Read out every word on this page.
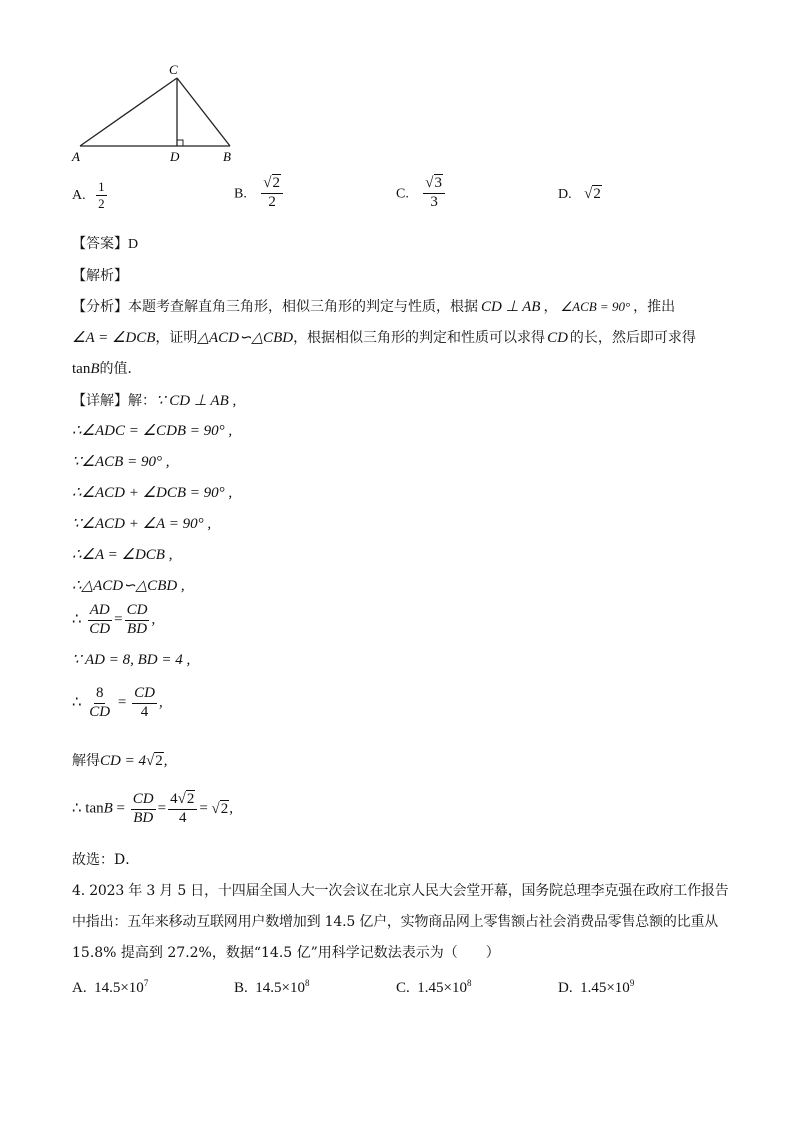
C
A	D	B
A. $\frac{1}{2}$	B. $\frac{√2}{2}$	C. $\frac{√3}{3}$	D. √2
【答案】D
【解析】
【分析】本题考查解直角三角形，相似三角形的判定与性质，根据 CD ⊥ AB ， ∠ACB = 90° ，推出
∠A = ∠DCB，证明△ACD∽△CBD，根据相似三角形的判定和性质可以求得 CD 的长，然后即可求得
tanB的值．
【详解】解：∵ CD ⊥ AB ,
∴∠ADC = ∠CDB = 90° ,
∵∠ACB = 90° ,
∴∠ACD + ∠DCB = 90° ,
∵∠ACD + ∠A = 90° ,
∴∠A = ∠DCB ,
∴△ACD∽△CBD ,
∴ $\frac{AD}{CD} = \frac{CD}{BD}$ ,
∵ AD = 8, BD = 4 ,
∴ $\frac{8}{CD} = \frac{CD}{4}$ ,
解得CD = 4√2,
∴ $\tan B = \frac{CD}{BD} = \frac{4√2}{4} = √2$,
故选：D．
4. 2023 年 3 月 5 日，十四届全国人大一次会议在北京人民大会堂开幕，国务院总理李克强在政府工作报告
中指出：五年来移动互联网用户数增加到 14.5 亿户，实物商品网上零售额占社会消费品零售总额的比重从
15.8% 提高到 27.2%，数据“14.5 亿”用科学记数法表示为（　　）
A. $14.5\times 10^7$	B. $14.5\times 10^8$	C. $1.45\times 10^8$	D. $1.45\times 10^9$
